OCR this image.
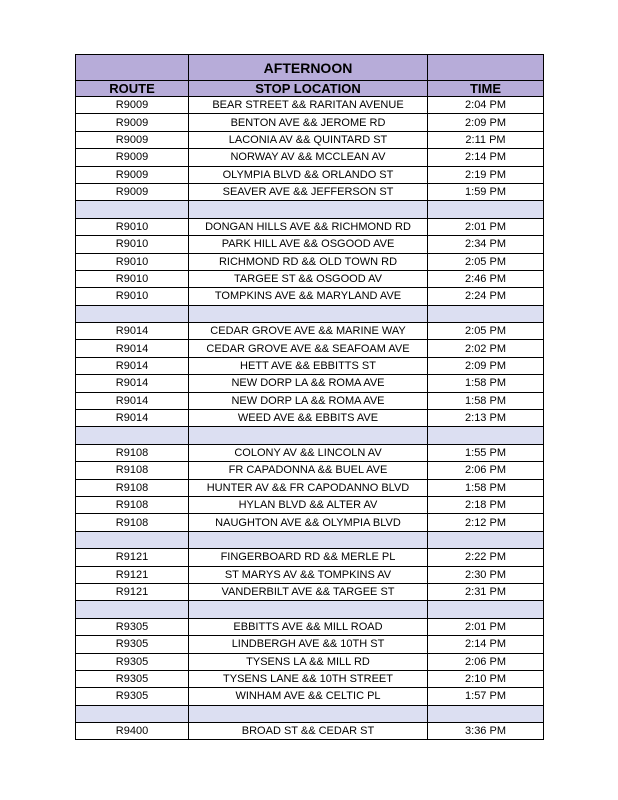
	AFTERNOON	
ROUTE	STOP LOCATION	TIME
R9009	BEAR STREET && RARITAN AVENUE	2:04 PM
R9009	BENTON AVE && JEROME RD	2:09 PM
R9009	LACONIA AV && QUINTARD ST	2:11 PM
R9009	NORWAY AV && MCCLEAN AV	2:14 PM
R9009	OLYMPIA BLVD && ORLANDO ST	2:19 PM
R9009	SEAVER AVE && JEFFERSON ST	1:59 PM

R9010	DONGAN HILLS AVE && RICHMOND RD	2:01 PM
R9010	PARK HILL AVE && OSGOOD AVE	2:34 PM
R9010	RICHMOND RD && OLD TOWN RD	2:05 PM
R9010	TARGEE ST && OSGOOD AV	2:46 PM
R9010	TOMPKINS AVE && MARYLAND AVE	2:24 PM

R9014	CEDAR GROVE AVE && MARINE WAY	2:05 PM
R9014	CEDAR GROVE AVE && SEAFOAM AVE	2:02 PM
R9014	HETT AVE && EBBITTS ST	2:09 PM
R9014	NEW DORP LA && ROMA AVE	1:58 PM
R9014	NEW DORP LA && ROMA AVE	1:58 PM
R9014	WEED AVE && EBBITS AVE	2:13 PM

R9108	COLONY AV && LINCOLN AV	1:55 PM
R9108	FR CAPADONNA && BUEL AVE	2:06 PM
R9108	HUNTER AV && FR CAPODANNO BLVD	1:58 PM
R9108	HYLAN BLVD && ALTER AV	2:18 PM
R9108	NAUGHTON AVE && OLYMPIA BLVD	2:12 PM

R9121	FINGERBOARD RD && MERLE PL	2:22 PM
R9121	ST MARYS AV && TOMPKINS AV	2:30 PM
R9121	VANDERBILT AVE && TARGEE ST	2:31 PM

R9305	EBBITTS AVE && MILL ROAD	2:01 PM
R9305	LINDBERGH AVE && 10TH ST	2:14 PM
R9305	TYSENS LA && MILL RD	2:06 PM
R9305	TYSENS LANE && 10TH STREET	2:10 PM
R9305	WINHAM AVE && CELTIC PL	1:57 PM

R9400	BROAD ST && CEDAR ST	3:36 PM
